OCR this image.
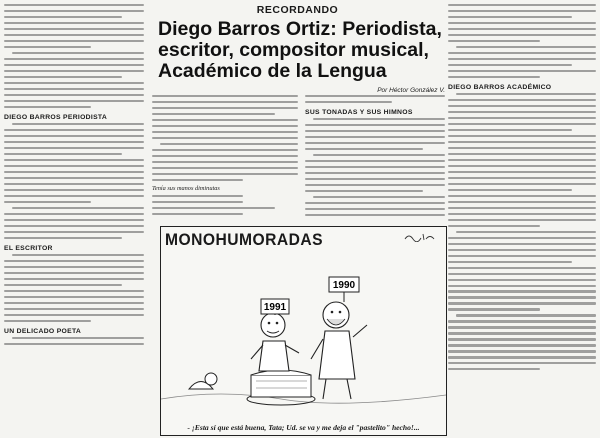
DIEGO BARROS PERIODISTA
EL ESCRITOR
UN DELICADO POETA
RECORDANDO
Diego Barros Ortiz: Periodista, escritor, compositor musical, Académico de la Lengua
Por Héctor González V.
Tenía sus manos diminutas
SUS TONADAS Y SUS HIMNOS
DIEGO BARROS ACADÉMICO
MONOHUMORADAS
1991
1990
- ¡Esta sí que está buena, Tata; Ud. se va y me deja el "pastelito" hecho!...
